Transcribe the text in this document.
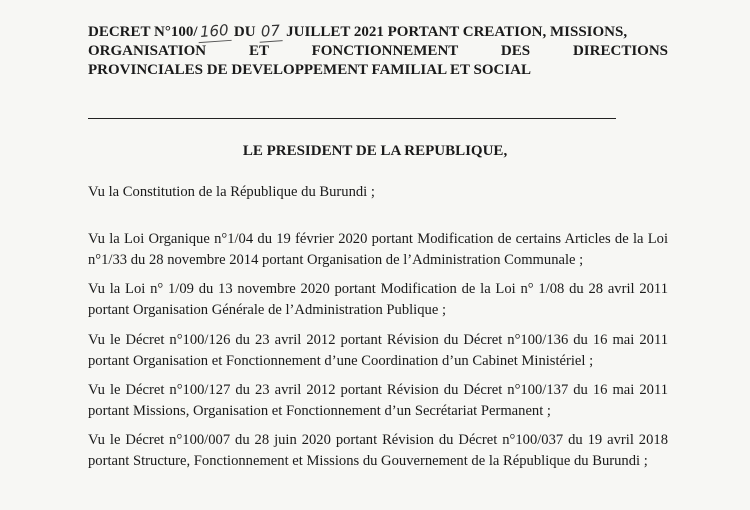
DECRET N°100/160 DU 07 JUILLET 2021 PORTANT CREATION, MISSIONS,
ORGANISATION ET FONCTIONNEMENT DES DIRECTIONS
PROVINCIALES DE DEVELOPPEMENT FAMILIAL ET SOCIAL
LE PRESIDENT DE LA REPUBLIQUE,
Vu la Constitution de la République du Burundi ;
Vu la Loi Organique n°1/04 du 19 février 2020 portant Modification de certains Articles de la Loi n°1/33 du 28 novembre 2014 portant Organisation de l’Administration Communale ;
Vu la Loi n° 1/09 du 13 novembre 2020 portant Modification de la Loi n° 1/08 du 28 avril 2011 portant Organisation Générale de l’Administration Publique ;
Vu le Décret n°100/126 du 23 avril 2012 portant Révision du Décret n°100/136 du 16 mai 2011 portant Organisation et Fonctionnement d’une Coordination d’un Cabinet Ministériel ;
Vu le Décret n°100/127 du 23 avril 2012 portant Révision du Décret n°100/137 du 16 mai 2011 portant Missions, Organisation et Fonctionnement d’un Secrétariat Permanent ;
Vu le Décret n°100/007 du 28 juin 2020 portant Révision du Décret n°100/037 du 19 avril 2018 portant Structure, Fonctionnement et Missions du Gouvernement de la République du Burundi ;
